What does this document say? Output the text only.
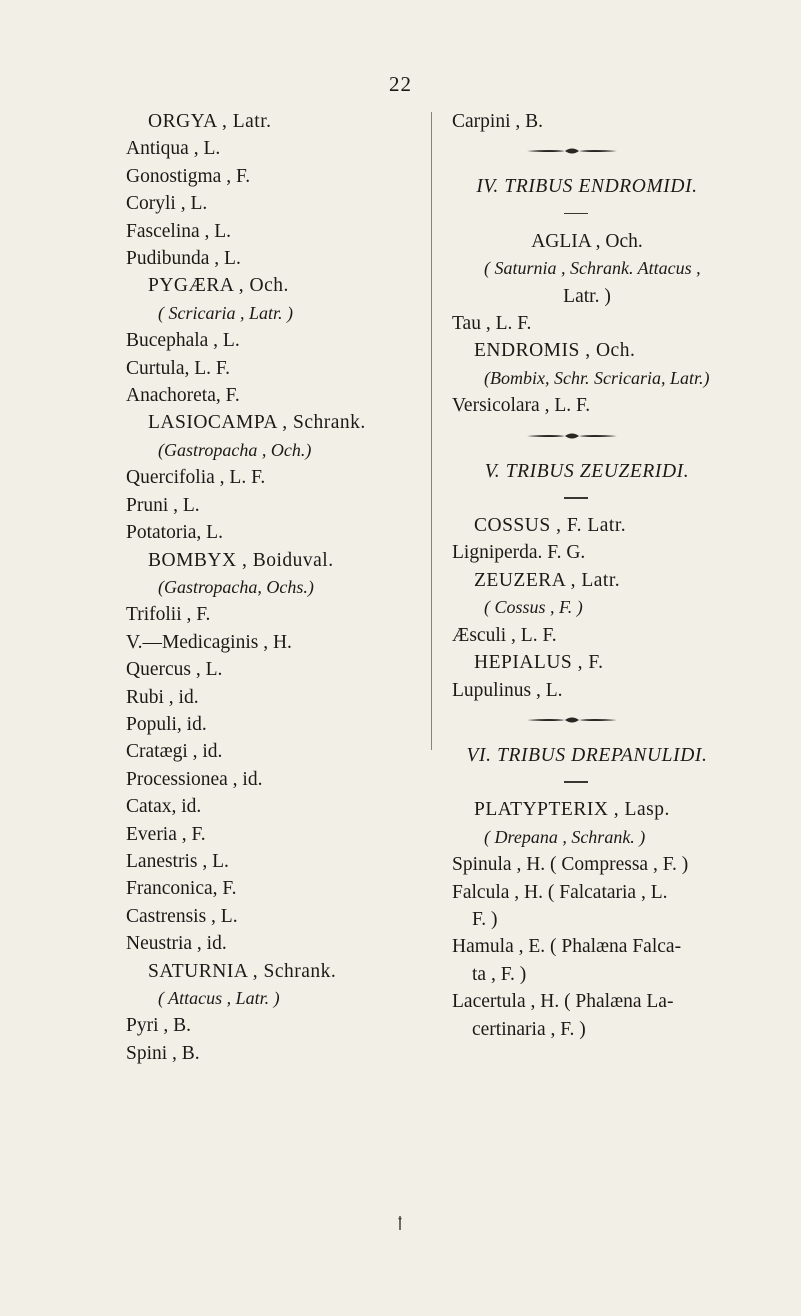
22
ORGYA , Latr.
Antiqua , L.
Gonostigma , F.
Coryli , L.
Fascelina , L.
Pudibunda , L.
PYGÆRA , Och.
( Scricaria , Latr. )
Bucephala , L.
Curtula, L. F.
Anachoreta, F.
LASIOCAMPA , Schrank.
(Gastropacha , Och.)
Quercifolia , L. F.
Pruni , L.
Potatoria, L.
BOMBYX , Boiduval.
(Gastropacha, Ochs.)
Trifolii , F.
V.—Medicaginis , H.
Quercus , L.
Rubi , id.
Populi, id.
Cratægi , id.
Processionea , id.
Catax, id.
Everia , F.
Lanestris , L.
Franconica, F.
Castrensis , L.
Neustria , id.
SATURNIA , Schrank.
( Attacus , Latr. )
Pyri , B.
Spini , B.
Carpini , B.
IV. TRIBUS ENDROMIDI.
AGLIA , Och.
( Saturnia , Schrank. Attacus ,
Latr. )
Tau , L. F.
ENDROMIS , Och.
(Bombix, Schr. Scricaria, Latr.)
Versicolara , L. F.
V. TRIBUS ZEUZERIDI.
COSSUS , F. Latr.
Ligniperda. F. G.
ZEUZERA , Latr.
( Cossus , F. )
Æsculi , L. F.
HEPIALUS , F.
Lupulinus , L.
VI. TRIBUS DREPANULIDI.
PLATYPTERIX , Lasp.
( Drepana , Schrank. )
Spinula , H. ( Compressa , F. )
Falcula , H. ( Falcataria , L.
F. )
Hamula , E. ( Phalæna Falca-
ta , F. )
Lacertula , H. ( Phalæna La-
certinaria , F. )
